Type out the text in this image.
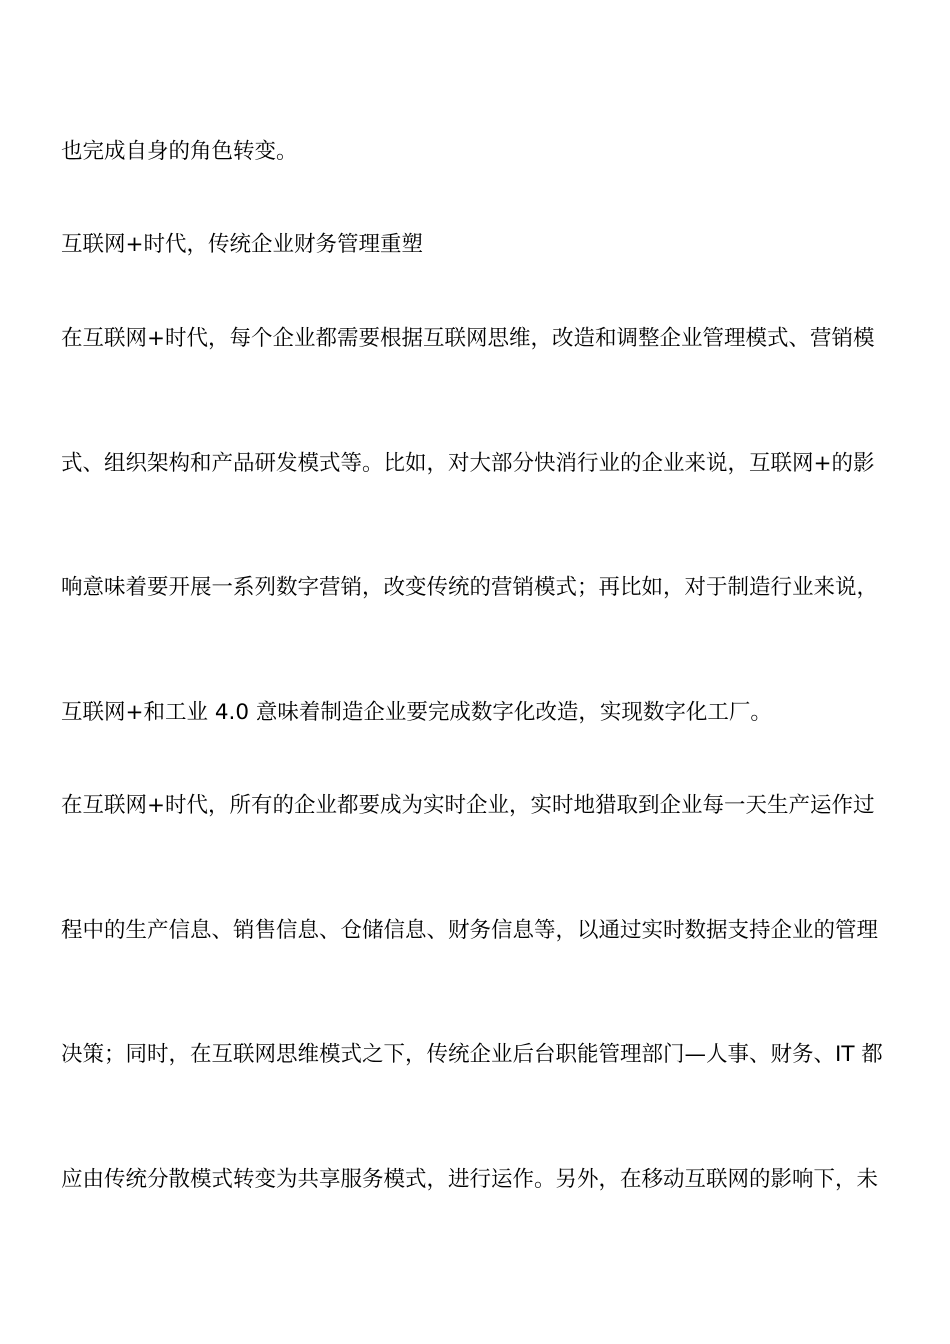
也完成自身的角色转变。
互联网+时代，传统企业财务管理重塑
在互联网+时代，每个企业都需要根据互联网思维，改造和调整企业管理模式、营销模
式、组织架构和产品研发模式等。比如，对大部分快消行业的企业来说，互联网+的影
响意味着要开展一系列数字营销，改变传统的营销模式；再比如，对于制造行业来说，
互联网+和工业 4.0 意味着制造企业要完成数字化改造，实现数字化工厂。
在互联网+时代，所有的企业都要成为实时企业，实时地猎取到企业每一天生产运作过
程中的生产信息、销售信息、仓储信息、财务信息等，以通过实时数据支持企业的管理
决策；同时，在互联网思维模式之下，传统企业后台职能管理部门—人事、财务、IT 都
应由传统分散模式转变为共享服务模式，进行运作。另外，在移动互联网的影响下，未
